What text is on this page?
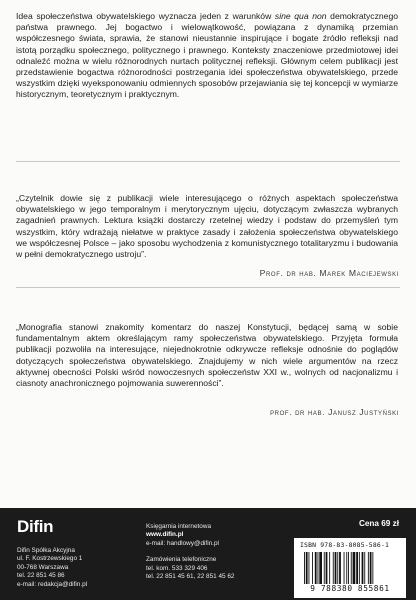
Idea społeczeństwa obywatelskiego wyznacza jeden z warunków sine qua non demokratycznego państwa prawnego. Jej bogactwo i wielowątkowość, powiązana z dynamiką przemian współczesnego świata, sprawia, że stanowi nieustannie inspirujące i bogate źródło refleksji nad istotą porządku społecznego, politycznego i prawnego. Konteksty znaczeniowe przedmiotowej idei odnaleźć można w wielu różnorodnych nurtach politycznej refleksji. Głównym celem publikacji jest przedstawienie bogactwa różnorodności postrzegania idei społeczeństwa obywatelskiego, przede wszystkim dzięki wyeksponowaniu odmiennych sposobów przejawiania się tej koncepcji w wymiarze historycznym, teoretycznym i praktycznym.

„Czytelnik dowie się z publikacji wiele interesującego o różnych aspektach społeczeństwa obywatelskiego w jego temporalnym i merytorycznym ujęciu, dotyczącym zwłaszcza wybranych zagadnień prawnych. Lektura książki dostarczy rzetelnej wiedzy i podstaw do przemyśleń tym wszystkim, który wdrażają niełatwe w praktyce zasady i założenia społeczeństwa obywatelskiego we współczesnej Polsce – jako sposobu wychodzenia z komunistycznego totalitaryzmu i budowania w pełni demokratycznego ustroju”.

Prof. dr hab. Marek Maciejewski

„Monografia stanowi znakomity komentarz do naszej Konstytucji, będącej samą w sobie fundamentalnym aktem określającym ramy społeczeństwa obywatelskiego. Przyjęta formuła publikacji pozwoliła na interesujące, niejednokrotnie odkrywcze refleksje odnośnie do poglądów dotyczących społeczeństwa obywatelskiego. Znajdujemy w nich wiele argumentów na rzecz aktywnej obecności Polski wśród nowoczesnych społeczeństw XXI w., wolnych od nacjonalizmu i ciasnoty anachronicznego pojmowania suwerenności”.

prof. dr hab. Janusz Justyński
Difin
Difin Spółka Akcyjna
ul. F. Kostrzewskiego 1
00-768 Warszawa
tel. 22 851 45 86
e-mail: redakcja@difin.pl
Księgarnia internetowa
www.difin.pl
e-mail: handlowy@difin.pl
Zamówienia telefoniczne
tel. kom. 533 329 406
tel. 22 851 45 61, 22 851 45 62
Cena 69 zł
ISBN 978-83-8085-586-1
9 788380 855861
